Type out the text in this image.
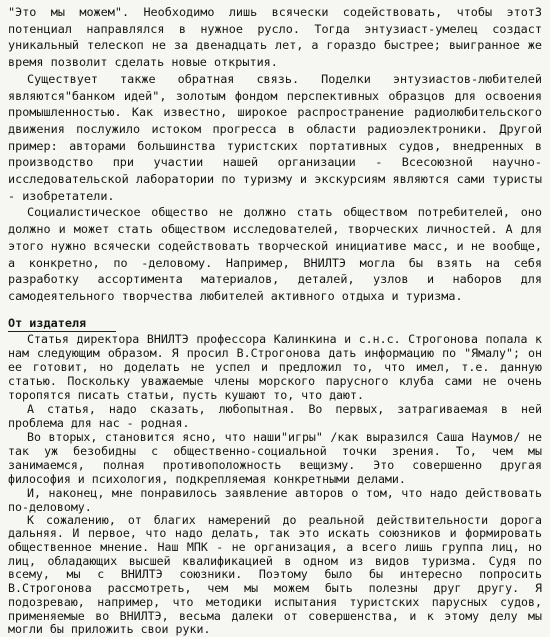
"Это мы можем". Необходимо лишь всячески содействовать, чтобы этот3 потенциал направлялся в нужное русло. Тогда энтузиаст-умелец создаст уникальный телескоп не за двенадцать лет, а гораздо быстрее; выигранное же время позволит сделать новые открытия.

Существует также обратная связь. Поделки энтузиастов-любителей являются"банком идей", золотым фондом перспективных образцов для освоения промышленностью. Как известно, широкое распространение радиолюбительского движения послужило истоком прогресса в области радиоэлектроники. Другой пример: авторами большинства туристских портативных судов, внедренных в производство при участии нашей организации - Всесоюзной научно-исследовательской лаборатории по туризму и экскурсиям являются сами туристы - изобретатели.

Социалистическое общество не должно стать обществом потребителей, оно должно и может стать обществом исследователей, творческих личностей. А для этого нужно всячески содействовать творческой инициативе масс, и не вообще, а конкретно, по -деловому. Например, ВНИЛТЭ могла бы взять на себя разработку ассортимента материалов, деталей, узлов и наборов для самодеятельного творчества любителей активного отдыха и туризма.

От издателя

Статья директора ВНИЛТЭ профессора Калинкина и с.н.с. Строгонова попала к нам следующим образом. Я просил В.Строгонова дать информацию по "Ямалу"; он ее готовит, но доделать не успел и предложил то, что имел, т.е. данную статью. Поскольку уважаемые члены морского парусного клуба сами не очень торопятся писать статьи, пусть кушают то, что дают.

А статья, надо сказать, любопытная. Во первых, затрагиваемая в ней проблема для нас - родная.

Во вторых, становится ясно, что наши"игры" /как выразился Саша Наумов/ не так уж безобидны с общественно-социальной точки зрения. То, чем мы занимаемся, полная противоположность вещизму. Это совершенно другая философия и психология, подкрепляемая конкретными делами.

И, наконец, мне понравилось заявление авторов о том, что надо действовать по-деловому.

К сожалению, от благих намерений до реальной действительности дорога дальняя. И первое, что надо делать, так это искать союзников и формировать общественное мнение. Наш МПК - не организация, а всего лишь группа лиц, но лиц, обладающих высшей квалификацией в одном из видов туризма. Судя по всему, мы с ВНИЛТЭ союзники. Поэтому было бы интересно попросить В.Строгонова рассмотреть, чем мы можем быть полезны друг другу. Я подозреваю, например, что методики испытания туристских парусных судов, применяемые во ВНИЛТЭ, весьма далеки от совершенства, и к этому делу мы могли бы приложить свои руки.
